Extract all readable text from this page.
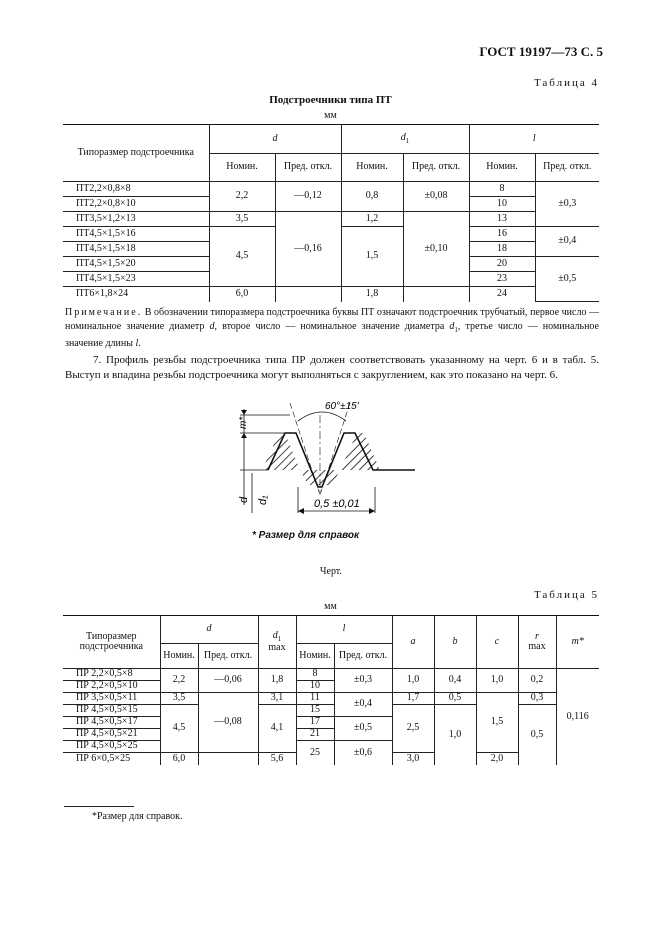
ГОСТ 19197—73 С. 5
Таблица 4
Подстроечники типа ПТ
мм
Типоразмер подстроечника	d		$d_1$		l	
	Номин.	Пред. откл.	Номин.	Пред. откл.	Номин.	Пред. откл.
ПТ2,2×0,8×8	2,2	—0,12	0,8	±0,08	8	±0,3
ПТ2,2×0,8×10					10	
ПТ3,5×1,2×13	3,5	—0,16	1,2	±0,10	13	
ПТ4,5×1,5×16	4,5		1,5		16	±0,4
ПТ4,5×1,5×18					18	
ПТ4,5×1,5×20					20	±0,5
ПТ4,5×1,5×23					23	
ПТ6×1,8×24	6,0		1,8		24	
Примечание. В обозначении типоразмера подстроечника буквы ПТ означают подстроечник трубчатый, первое число — номинальное значение диаметр d, второе число — номинальное значение диаметра $d_1$, третье число — номинальное значение длины l.
7. Профиль резьбы подстроечника типа ПР должен соответствовать указанному на черт. 6 и в табл. 5. Выступ и впадина резьбы подстроечника могут выполняться с закруглением, как это показано на черт. 6.
60°±15'
m*
d d₁	0,5 ±0,01
* Размер для справок
Черт.
Таблица 5
мм
Типоразмер подстроечника	d		$d_1$
max	l		a	b	c	r
max	m*
	Номин.	Пред. откл.		Номин.	Пред. откл.					
ПР 2,2×0,5×8	2,2	—0,06	1,8	8	±0,3	1,0	0,4	1,0	0,2	0,116
ПР 2,2×0,5×10				10						
ПР 3,5×0,5×11	3,5	—0,08	3,1	11	±0,4	1,7	0,5	1,5	0,3	
ПР 4,5×0,5×15	4,5		4,1	15		2,5	1,0		0,5	
ПР 4,5×0,5×17				17	±0,5					
ПР 4,5×0,5×21				21						
ПР 4,5×0,5×25				25	±0,6					
ПР 6×0,5×25	6,0		5,6			3,0		2,0		
*Размер для справок.
